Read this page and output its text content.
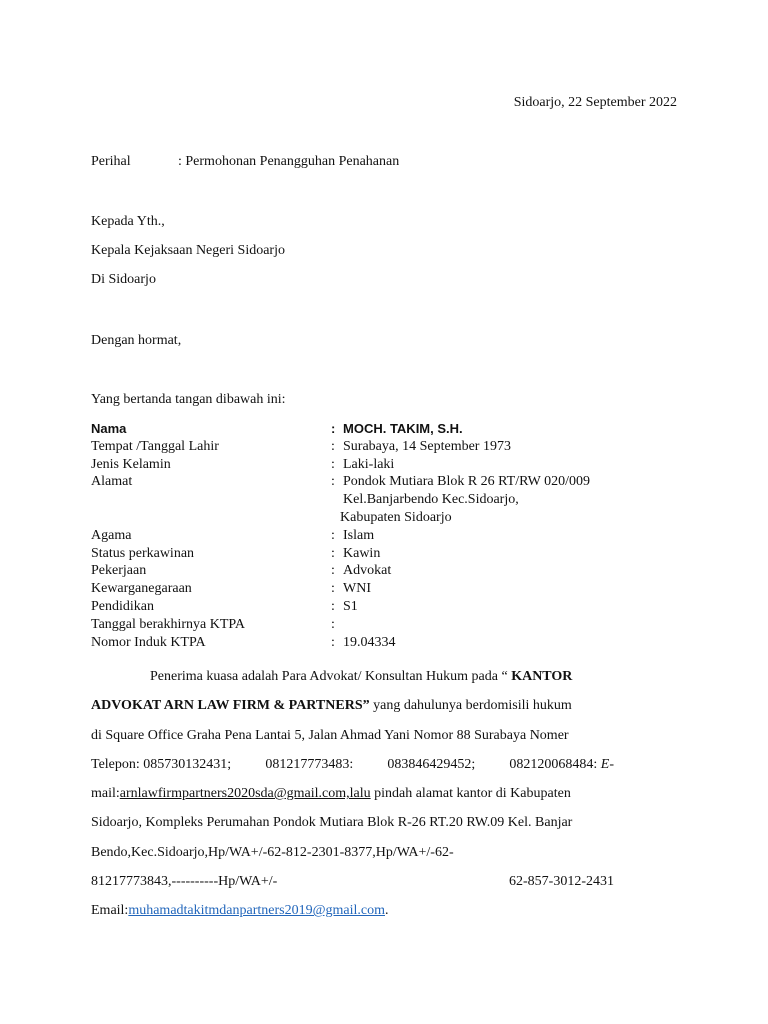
Sidoarjo, 22 September 2022
Perihal	: Permohonan Penangguhan Penahanan
Kepada Yth.,
Kepala Kejaksaan Negeri Sidoarjo
Di Sidoarjo
Dengan hormat,
Yang bertanda tangan dibawah ini:
Nama	: MOCH. TAKIM, S.H.
Tempat /Tanggal Lahir	: Surabaya, 14 September 1973
Jenis Kelamin	: Laki-laki
Alamat	: Pondok Mutiara Blok R 26 RT/RW 020/009
Kel.Banjarbendo Kec.Sidoarjo,
Kabupaten Sidoarjo
Agama	: Islam
Status perkawinan	: Kawin
Pekerjaan	: Advokat
Kewarganegaraan	: WNI
Pendidikan	: S1
Tanggal berakhirnya KTPA	:
Nomor Induk KTPA	: 19.04334
Penerima kuasa adalah Para Advokat/ Konsultan Hukum pada “ KANTOR
ADVOKAT ARN LAW FIRM & PARTNERS” yang dahulunya berdomisili hukum
di Square Office Graha Pena Lantai 5, Jalan Ahmad Yani Nomor 88 Surabaya Nomer
Telepon: 085730132431; 081217773483: 083846429452; 082120068484: E-
mail:arnlawfirmpartners2020sda@gmail.com,lalu pindah alamat kantor di Kabupaten
Sidoarjo, Kompleks Perumahan Pondok Mutiara Blok R-26 RT.20 RW.09 Kel. Banjar
Bendo,Kec.Sidoarjo,Hp/WA+/-62-812-2301-8377,Hp/WA+/-62-
81217773843,----------Hp/WA+/-	62-857-3012-2431
Email:muhamadtakitmdanpartners2019@gmail.com.
